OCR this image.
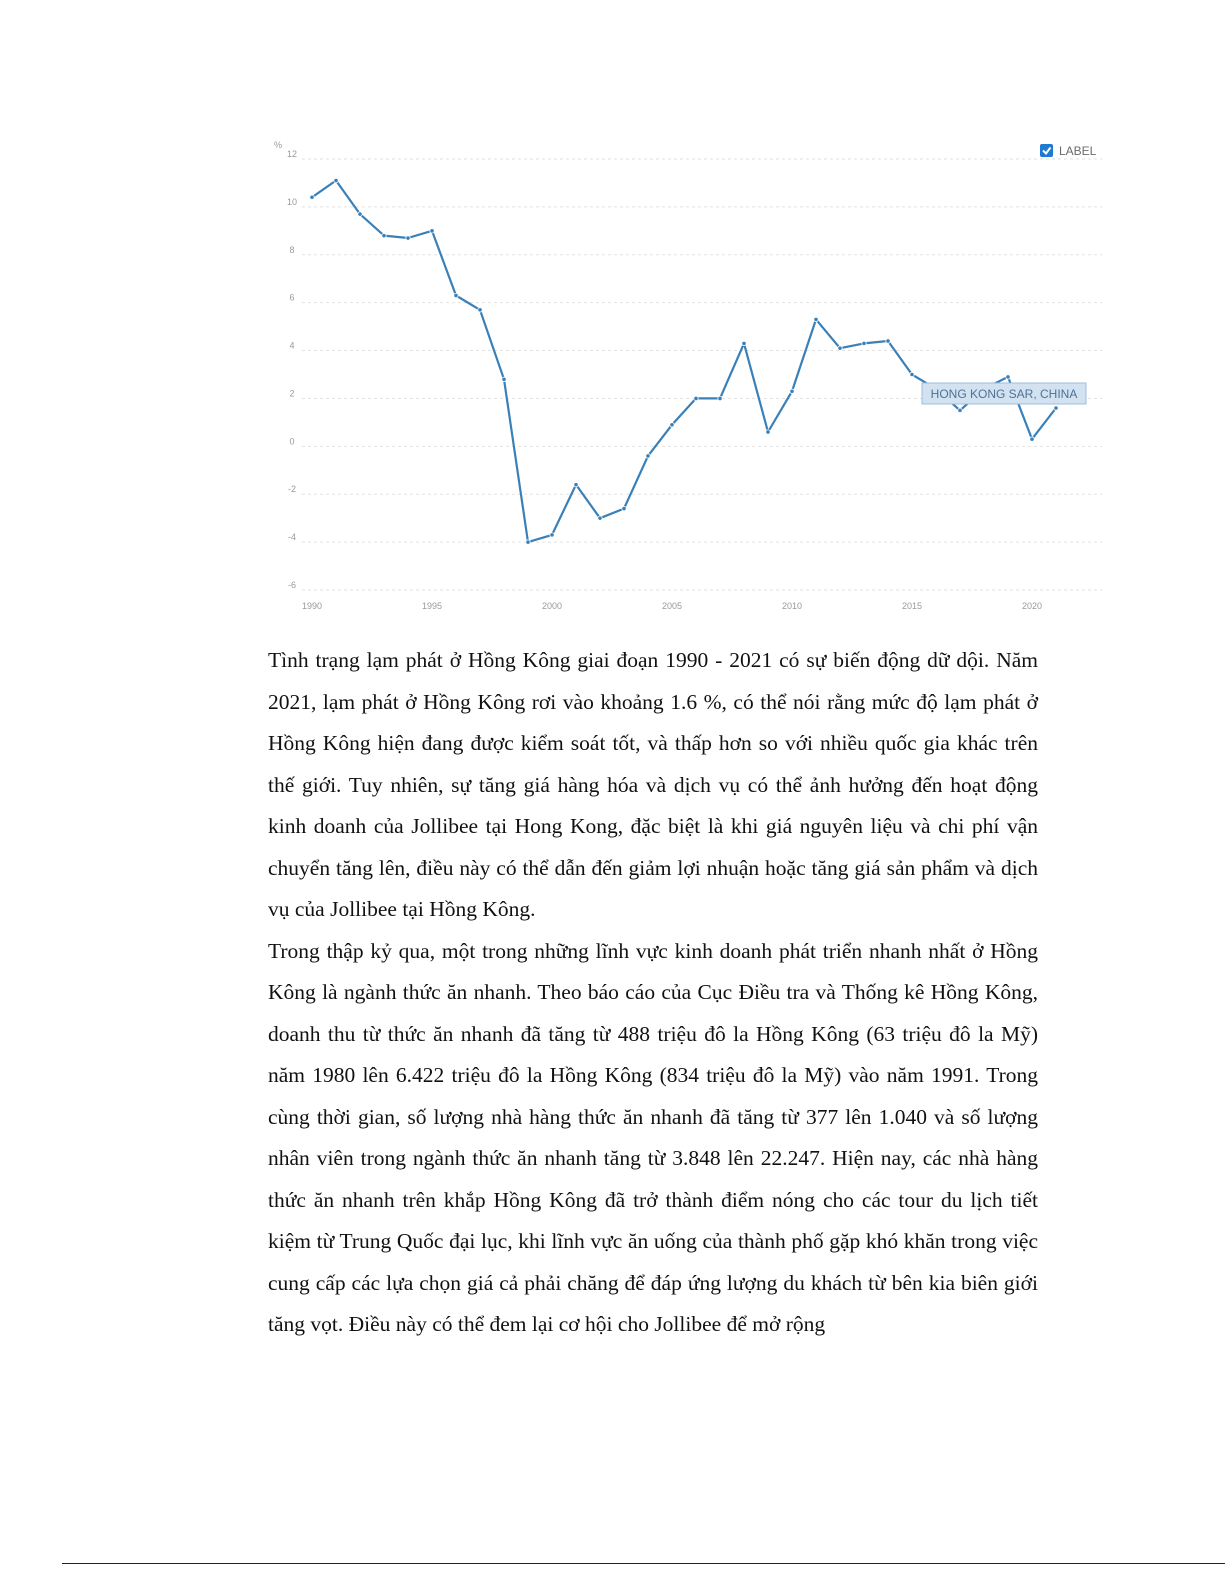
12
10
8
6
4
2
0
-2
-4
-6
1990	1995	2000	2005	2010	2015	2020
%	LABEL
HONG KONG SAR, CHINA

Tình trạng lạm phát ở Hồng Kông giai đoạn 1990 - 2021 có sự biến động dữ dội. Năm 2021, lạm phát ở Hồng Kông rơi vào khoảng 1.6 %, có thể nói rằng mức độ lạm phát ở Hồng Kông hiện đang được kiểm soát tốt, và thấp hơn so với nhiều quốc gia khác trên thế giới. Tuy nhiên, sự tăng giá hàng hóa và dịch vụ có thể ảnh hưởng đến hoạt động kinh doanh của Jollibee tại Hong Kong, đặc biệt là khi giá nguyên liệu và chi phí vận chuyển tăng lên, điều này có thể dẫn đến giảm lợi nhuận hoặc tăng giá sản phẩm và dịch vụ của Jollibee tại Hồng Kông.

Trong thập kỷ qua, một trong những lĩnh vực kinh doanh phát triển nhanh nhất ở Hồng Kông là ngành thức ăn nhanh. Theo báo cáo của Cục Điều tra và Thống kê Hồng Kông, doanh thu từ thức ăn nhanh đã tăng từ 488 triệu đô la Hồng Kông (63 triệu đô la Mỹ) năm 1980 lên 6.422 triệu đô la Hồng Kông (834 triệu đô la Mỹ) vào năm 1991. Trong cùng thời gian, số lượng nhà hàng thức ăn nhanh đã tăng từ 377 lên 1.040 và số lượng nhân viên trong ngành thức ăn nhanh tăng từ 3.848 lên 22.247. Hiện nay, các nhà hàng thức ăn nhanh trên khắp Hồng Kông đã trở thành điểm nóng cho các tour du lịch tiết kiệm từ Trung Quốc đại lục, khi lĩnh vực ăn uống của thành phố gặp khó khăn trong việc cung cấp các lựa chọn giá cả phải chăng để đáp ứng lượng du khách từ bên kia biên giới tăng vọt. Điều này có thể đem lại cơ hội cho Jollibee để mở rộng
